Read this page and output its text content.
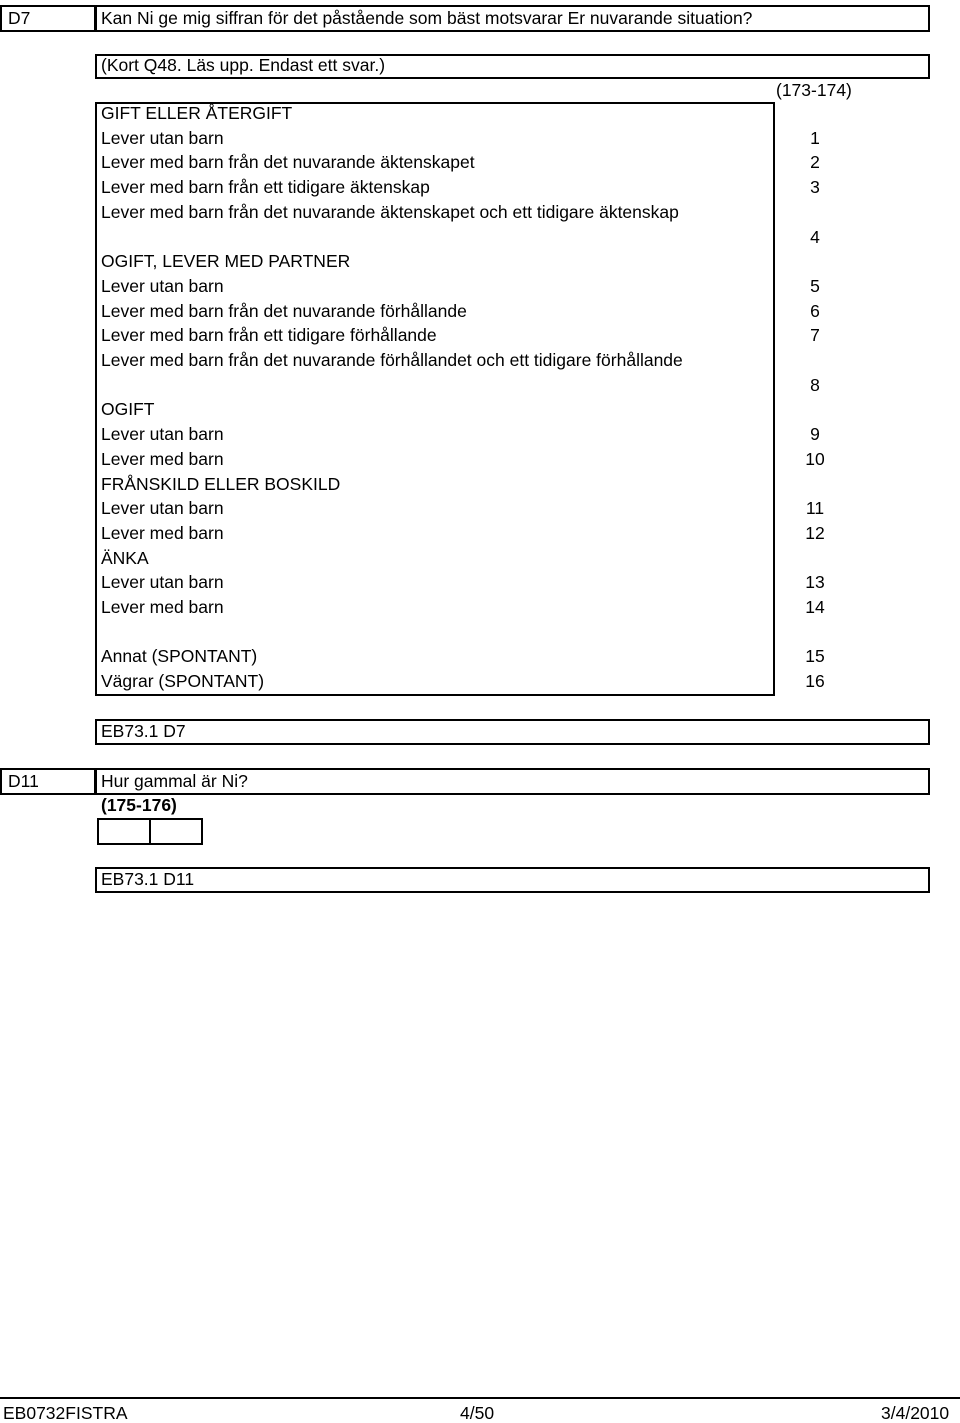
D7	Kan Ni ge mig siffran för det påstående som bäst motsvarar Er nuvarande situation?
(Kort Q48. Läs upp. Endast ett svar.)
(173-174)
GIFT ELLER ÅTERGIFT
Lever utan barn	1
Lever med barn från det nuvarande äktenskapet	2
Lever med barn från ett tidigare äktenskap	3
Lever med barn från det nuvarande äktenskapet och ett tidigare äktenskap
4
OGIFT, LEVER MED PARTNER
Lever utan barn	5
Lever med barn från det nuvarande förhållande	6
Lever med barn från ett tidigare förhållande	7
Lever med barn från det nuvarande förhållandet och ett tidigare förhållande
8
OGIFT
Lever utan barn	9
Lever med barn	10
FRÅNSKILD ELLER BOSKILD
Lever utan barn	11
Lever med barn	12
ÄNKA
Lever utan barn	13
Lever med barn	14
Annat (SPONTANT)	15
Vägrar (SPONTANT)	16
EB73.1 D7
D11	Hur gammal är Ni?
(175-176)
EB73.1 D11
EB0732FISTRA	4/50	3/4/2010
